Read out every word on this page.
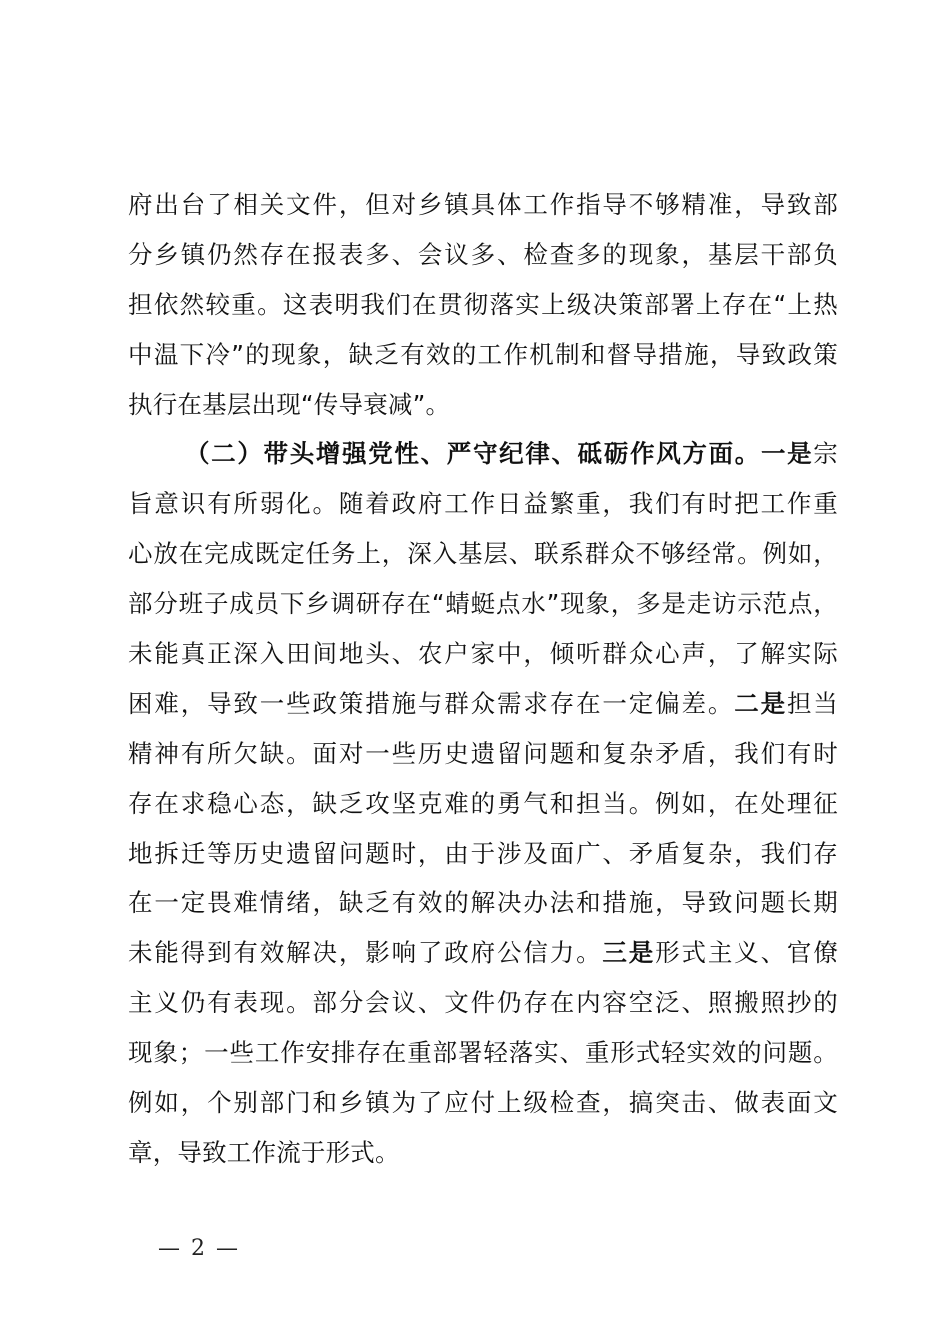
府出台了相关文件，但对乡镇具体工作指导不够精准，导致部
分乡镇仍然存在报表多、会议多、检查多的现象，基层干部负
担依然较重。这表明我们在贯彻落实上级决策部署上存在“上热
中温下冷”的现象，缺乏有效的工作机制和督导措施，导致政策
执行在基层出现“传导衰减”。
（二）带头增强党性、严守纪律、砥砺作风方面。一是宗
旨意识有所弱化。随着政府工作日益繁重，我们有时把工作重
心放在完成既定任务上，深入基层、联系群众不够经常。例如，
部分班子成员下乡调研存在“蜻蜓点水”现象，多是走访示范点，
未能真正深入田间地头、农户家中，倾听群众心声，了解实际
困难，导致一些政策措施与群众需求存在一定偏差。二是担当
精神有所欠缺。面对一些历史遗留问题和复杂矛盾，我们有时
存在求稳心态，缺乏攻坚克难的勇气和担当。例如，在处理征
地拆迁等历史遗留问题时，由于涉及面广、矛盾复杂，我们存
在一定畏难情绪，缺乏有效的解决办法和措施，导致问题长期
未能得到有效解决，影响了政府公信力。三是形式主义、官僚
主义仍有表现。部分会议、文件仍存在内容空泛、照搬照抄的
现象；一些工作安排存在重部署轻落实、重形式轻实效的问题。
例如，个别部门和乡镇为了应付上级检查，搞突击、做表面文
章，导致工作流于形式。
— 2 —
